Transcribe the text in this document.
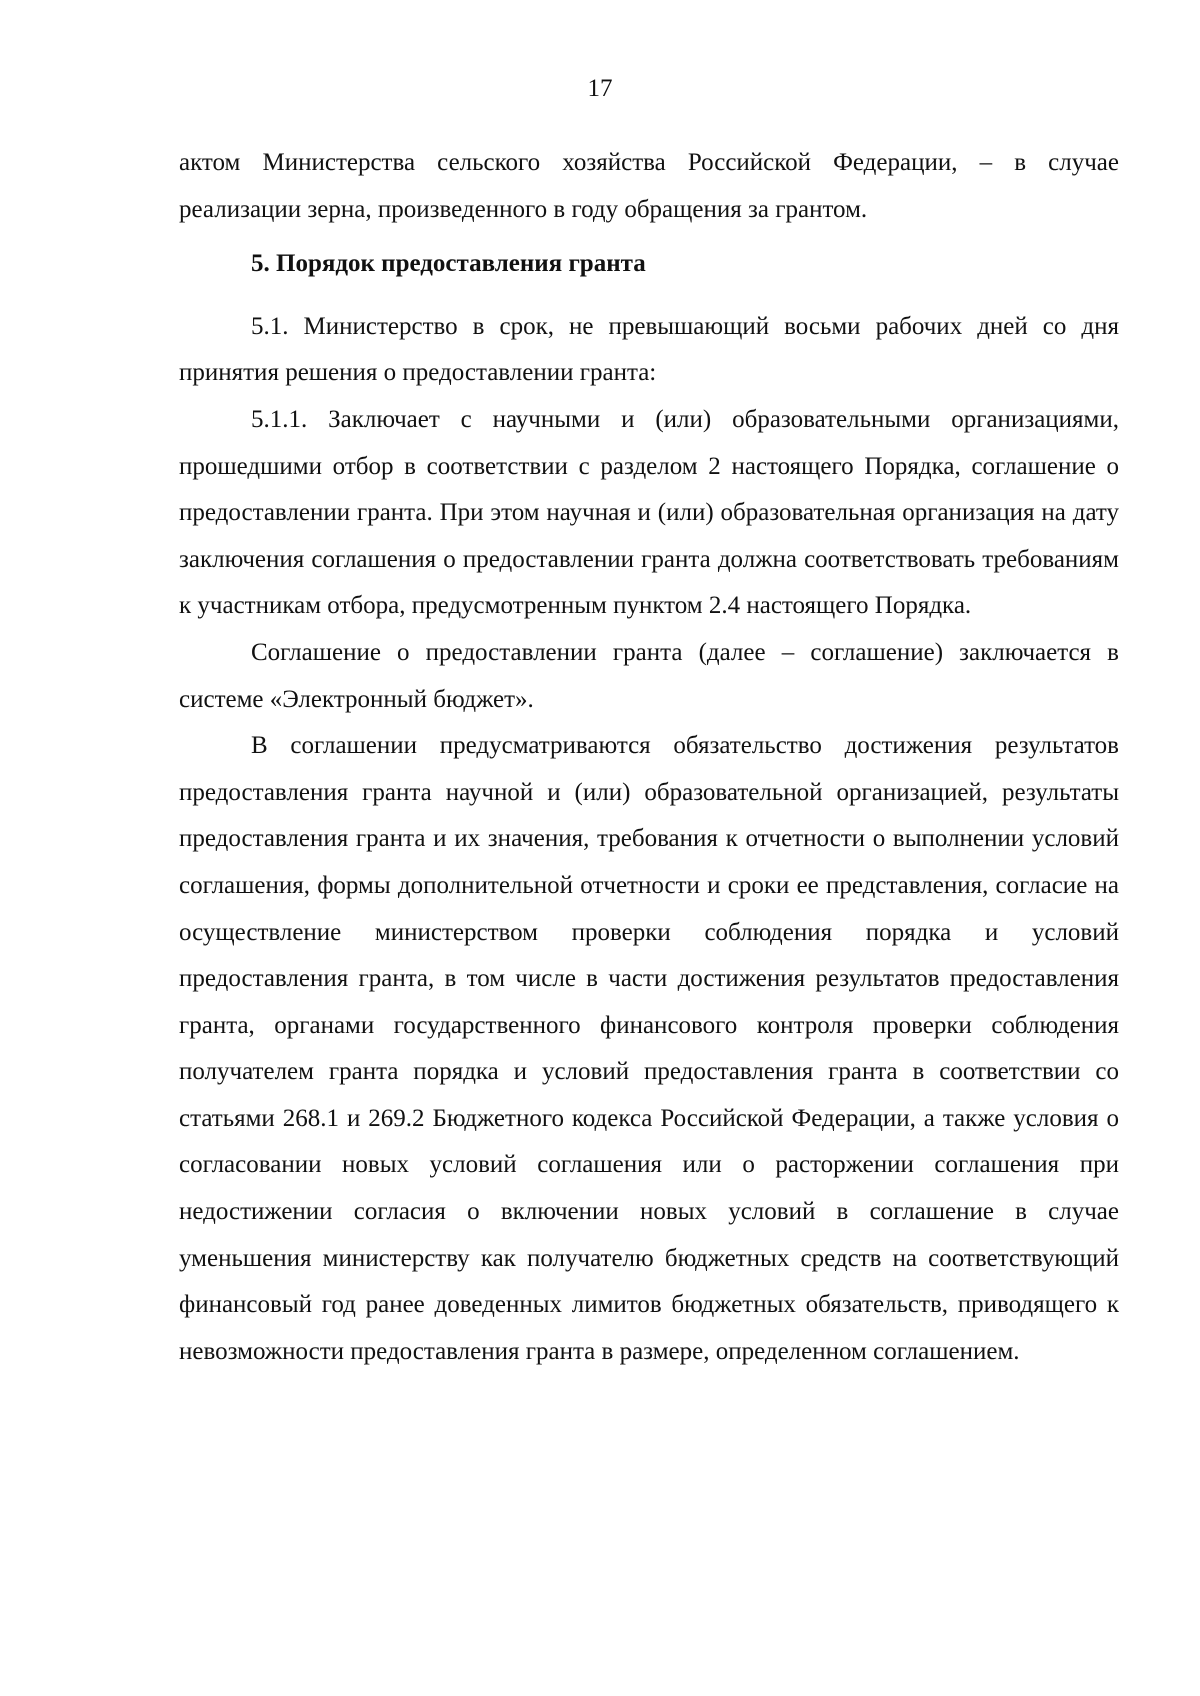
17

актом Министерства сельского хозяйства Российской Федерации, – в случае реализации зерна, произведенного в году обращения за грантом.

5. Порядок предоставления гранта

5.1. Министерство в срок, не превышающий восьми рабочих дней со дня принятия решения о предоставлении гранта:

5.1.1. Заключает с научными и (или) образовательными организациями, прошедшими отбор в соответствии с разделом 2 настоящего Порядка, соглашение о предоставлении гранта. При этом научная и (или) образовательная организация на дату заключения соглашения о предоставлении гранта должна соответствовать требованиям к участникам отбора, предусмотренным пунктом 2.4 настоящего Порядка.

Соглашение о предоставлении гранта (далее – соглашение) заключается в системе «Электронный бюджет».

В соглашении предусматриваются обязательство достижения результатов предоставления гранта научной и (или) образовательной организацией, результаты предоставления гранта и их значения, требования к отчетности о выполнении условий соглашения, формы дополнительной отчетности и сроки ее представления, согласие на осуществление министерством проверки соблюдения порядка и условий предоставления гранта, в том числе в части достижения результатов предоставления гранта, органами государственного финансового контроля проверки соблюдения получателем гранта порядка и условий предоставления гранта в соответствии со статьями 268.1 и 269.2 Бюджетного кодекса Российской Федерации, а также условия о согласовании новых условий соглашения или о расторжении соглашения при недостижении согласия о включении новых условий в соглашение в случае уменьшения министерству как получателю бюджетных средств на соответствующий финансовый год ранее доведенных лимитов бюджетных обязательств, приводящего к невозможности предоставления гранта в размере, определенном соглашением.
